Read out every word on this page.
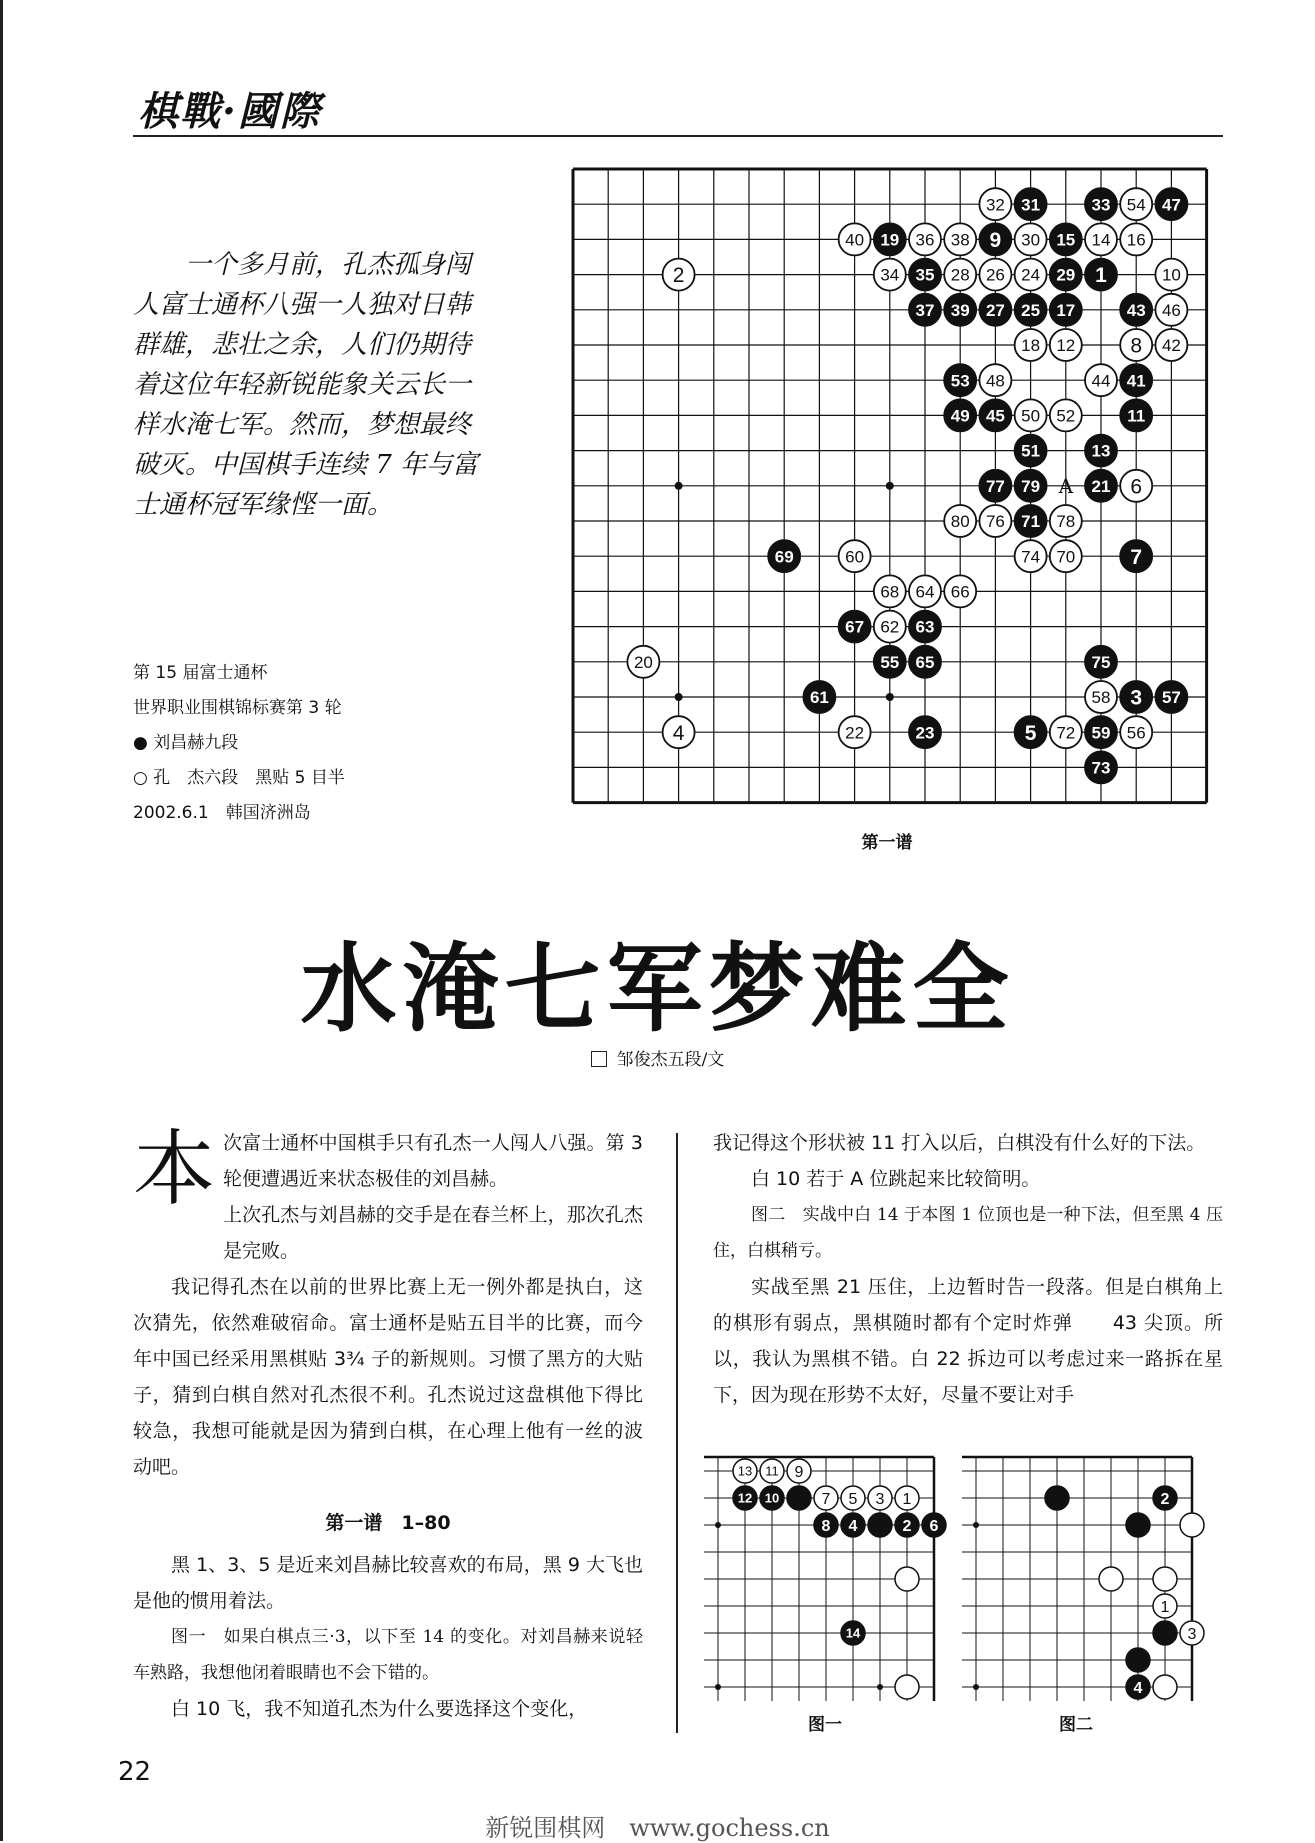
棋戰·國際
一个多月前，孔杰孤身闯人富士通杯八强一人独对日韩群雄，悲壮之余，人们仍期待着这位年轻新锐能象关云长一样水淹七军。然而，梦想最终破灭。中国棋手连续 7 年与富士通杯冠军缘悭一面。
第 15 届富士通杯
世界职业围棋锦标赛第 3 轮
● 刘昌赫九段
○ 孔　杰六段　黑贴 5 目半
2002.6.1　韩国济洲岛
A
32 31	33 54 47
40 19 36 38 9 30 15 14 16
2	34 35 28 26 24 29 1	10
37 39 27 25 17	43 46
18 12	8 42
53 48	44 41
49 45 50 52	11
51	13
77 79	21 6
80 76 71 78
69	60	74 70	7
68 64 66
67 62 63
20	55 65	75
61	58 3 57
4	22	23	5 72 59 56
73
第一谱
水淹七军梦难全
邹俊杰五段/文
本 次富士通杯中国棋手只有孔杰一人闯人八强。第 3 轮便遭遇近来状态极佳的刘昌赫。

上次孔杰与刘昌赫的交手是在春兰杯上，那次孔杰是完败。

我记得孔杰在以前的世界比赛上无一例外都是执白，这次猜先，依然难破宿命。富士通杯是贴五目半的比赛，而今年中国已经采用黑棋贴 3¾ 子的新规则。习惯了黑方的大贴子，猜到白棋自然对孔杰很不利。孔杰说过这盘棋他下得比较急，我想可能就是因为猜到白棋，在心理上他有一丝的波动吧。

第一谱　1–80

黑 1、3、5 是近来刘昌赫比较喜欢的布局，黑 9 大飞也是他的惯用着法。

图一　如果白棋点三·3，以下至 14 的变化。对刘昌赫来说轻车熟路，我想他闭着眼睛也不会下错的。

白 10 飞，我不知道孔杰为什么要选择这个变化，

我记得这个形状被 11 打入以后，白棋没有什么好的下法。

白 10 若于 A 位跳起来比较简明。

图二　实战中白 14 于本图 1 位顶也是一种下法，但至黑 4 压住，白棋稍亏。

实战至黑 21 压住，上边暂时告一段落。但是白棋角上的棋形有弱点，黑棋随时都有个定时炸弹　　43 尖顶。所以，我认为黑棋不错。白 22 拆边可以考虑过来一路拆在星下，因为现在形势不太好，尽量不要让对手

13 11 9
12 10	7 5 3 1
8 4	2 6
14
2
1
3
4
图一	图二
22
新锐围棋网　www.gochess.cn
